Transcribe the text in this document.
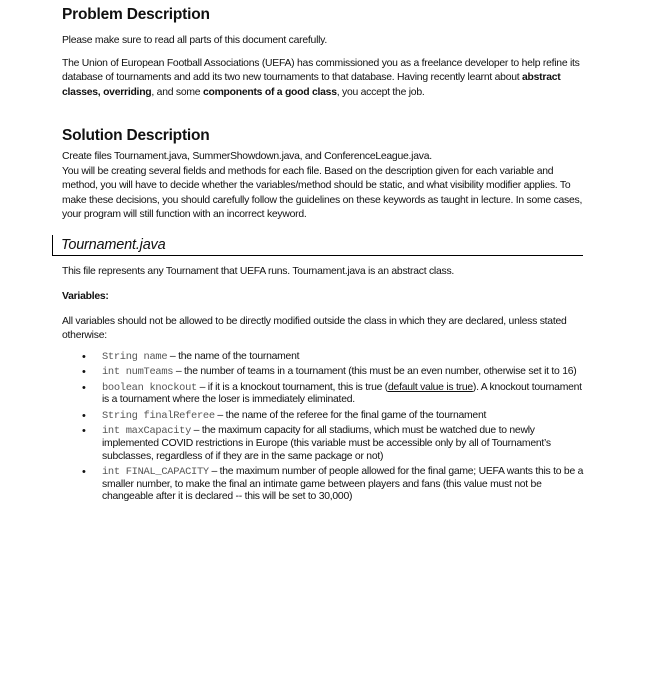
Problem Description

Please make sure to read all parts of this document carefully.

The Union of European Football Associations (UEFA) has commissioned you as a freelance developer to help refine its database of tournaments and add its two new tournaments to that database. Having recently learnt about abstract classes, overriding, and some components of a good class, you accept the job.

Solution Description

Create files Tournament.java, SummerShowdown.java, and ConferenceLeague.java.

You will be creating several fields and methods for each file. Based on the description given for each variable and method, you will have to decide whether the variables/method should be static, and what visibility modifier applies. To make these decisions, you should carefully follow the guidelines on these keywords as taught in lecture. In some cases, your program will still function with an incorrect keyword.

Tournament.java

This file represents any Tournament that UEFA runs. Tournament.java is an abstract class.

Variables:

All variables should not be allowed to be directly modified outside the class in which they are declared, unless stated otherwise:

• String name – the name of the tournament
• int numTeams – the number of teams in a tournament (this must be an even number, otherwise set it to 16)
• boolean knockout – if it is a knockout tournament, this is true (default value is true). A knockout tournament is a tournament where the loser is immediately eliminated.
• String finalReferee – the name of the referee for the final game of the tournament
• int maxCapacity – the maximum capacity for all stadiums, which must be watched due to newly implemented COVID restrictions in Europe (this variable must be accessible only by all of Tournament’s subclasses, regardless of if they are in the same package or not)
• int FINAL_CAPACITY – the maximum number of people allowed for the final game; UEFA wants this to be a smaller number, to make the final an intimate game between players and fans (this value must not be changeable after it is declared -- this will be set to 30,000)
